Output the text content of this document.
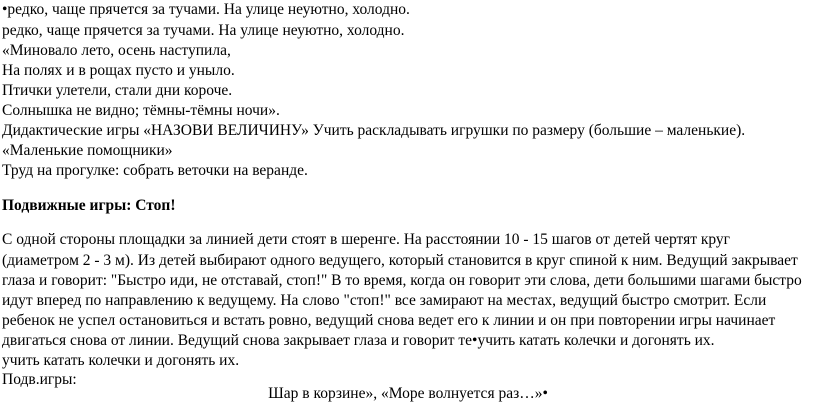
•редко, чаще прячется за тучами. На улице неуютно, холодно.
редко, чаще прячется за тучами. На улице неуютно, холодно.
«Миновало лето, осень наступила,
На полях и в рощах пусто и уныло.
Птички улетели, стали дни короче.
Солнышка не видно; тёмны-тёмны ночи».
Дидактические игры «НАЗОВИ ВЕЛИЧИНУ» Учить раскладывать игрушки по размеру (большие – маленькие).
«Маленькие помощники»
Труд на прогулке: собрать веточки на веранде.
Подвижные игры: Стоп!
С одной стороны площадки за линией дети стоят в шеренге. На расстоянии 10 - 15 шагов от детей чертят круг
(диаметром 2 - 3 м). Из детей выбирают одного ведущего, который становится в круг спиной к ним. Ведущий закрывает
глаза и говорит: "Быстро иди, не отставай, стоп!" В то время, когда он говорит эти слова, дети большими шагами быстро
идут вперед по направлению к ведущему. На слово "стоп!" все замирают на местах, ведущий быстро смотрит. Если
ребенок не успел остановиться и встать ровно, ведущий снова ведет его к линии и он при повторении игры начинает
двигаться снова от линии. Ведущий снова закрывает глаза и говорит те•учить катать колечки и догонять их.
учить катать колечки и догонять их.
Подв.игры:
Шар в корзине», «Море волнуется раз…»•
